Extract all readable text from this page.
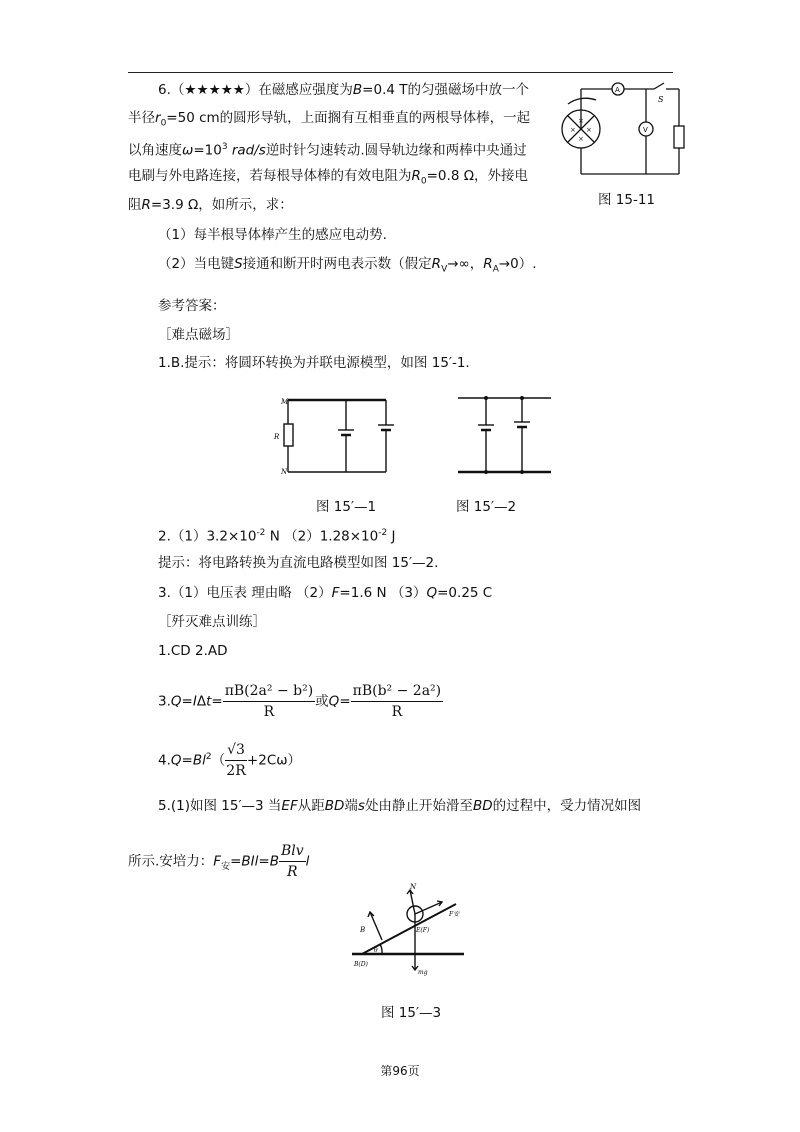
6.（★★★★★）在磁感应强度为B=0.4 T的匀强磁场中放一个
半径$r_0=50$ cm的圆形导轨，上面搁有互相垂直的两根导体棒，一起
以角速度$\omega=10^3$ rad/s逆时针匀速转动.圆导轨边缘和两棒中央通过
电刷与外电路连接，若每根导体棒的有效电阻为$R_0=0.8$ Ω，外接电
阻R=3.9 Ω，如所示，求：
（1）每半根导体棒产生的感应电动势.
（2）当电键S接通和断开时两电表示数（假定$R_V\to\infty$，$R_A\to 0$）.
×
× ×
×
A
V
S
图 15-11
参考答案：
［难点磁场］
1.B.提示：将圆环转换为并联电源模型，如图 15′-1.
M
R
N
图 15′—1	图 15′—2
$2.(1)3.2\times 10^{-2}$ N $(2)1.28\times 10^{-2}$ J
提示：将电路转换为直流电路模型如图 15′—2.
3.（1）电压表 理由略 （2）F=1.6 N （3）Q=0.25 C
［歼灭难点训练］
1.CD 2.AD
$3.Q=I\Delta t= \frac{\text{πB(2a² − b²)}}{R}$ 或$Q= \frac{\text{πB(b² − 2a²)}}{R}$
$4.Q=Bl^2( \frac{√3}{2R} +2C\omega)$
5.(1)如图 15′—3 当EF从距BD端s处由静止开始滑至BD的过程中，受力情况如图
所示.安培力：$F_安=BIl=B \frac{\text{Blv}}{R}$ l
N
B
θ
E(F)
F安
B(D)
mg
图 15′—3
第96页
